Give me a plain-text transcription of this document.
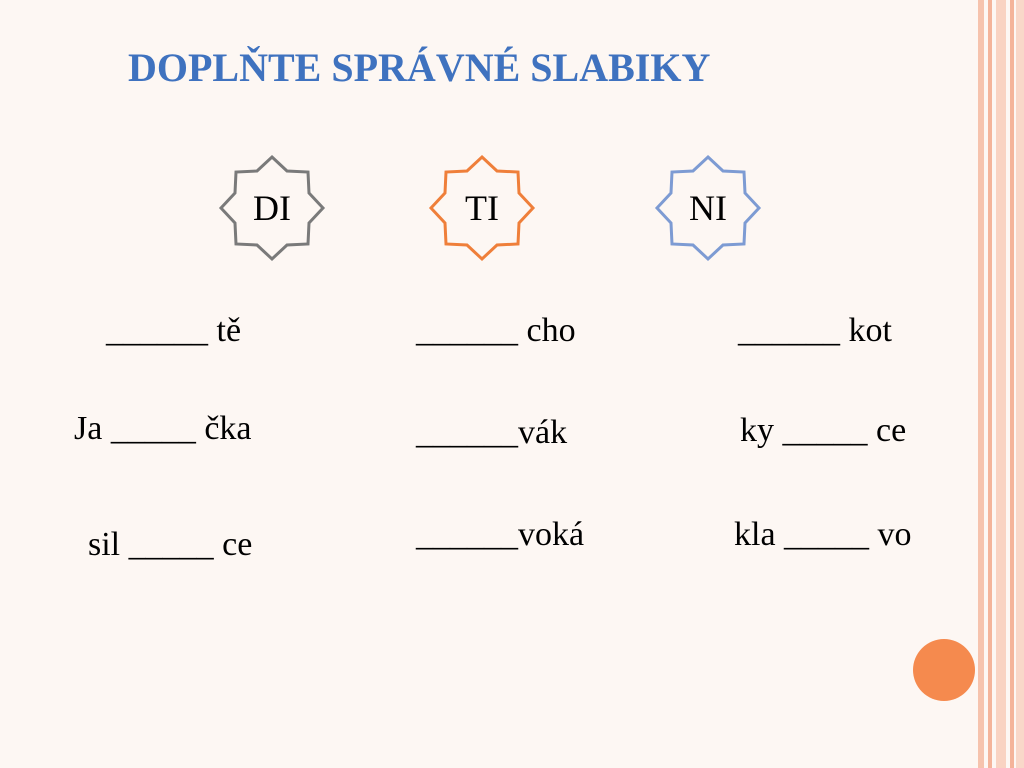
DOPLŇTE SPRÁVNÉ SLABIKY
DI	TI	NI
______ tě
Ja _____ čka
sil _____ ce
______ cho
______vák
______voká
______ kot
ky _____ ce
kla _____ vo
